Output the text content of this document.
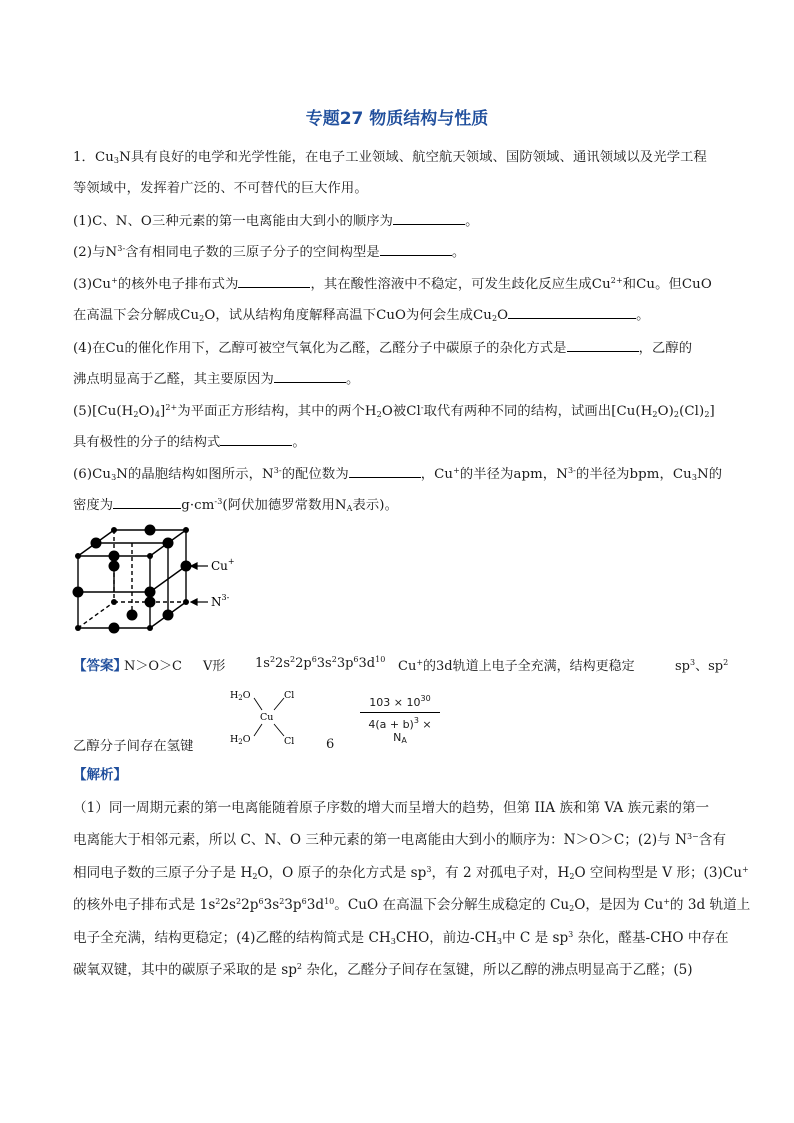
专题27 物质结构与性质
1．$Cu_3N$具有良好的电学和光学性能，在电子工业领域、航空航天领域、国防领域、通讯领域以及光学工程
等领域中，发挥着广泛的、不可替代的巨大作用。
(1)C、N、O三种元素的第一电离能由大到小的顺序为	。
(2)与$N^{3-}$含有相同电子数的三原子分子的空间构型是	。
(3)Cu+的核外电子排布式为	，其在酸性溶液中不稳定，可发生歧化反应生成$Cu^{2+}$和Cu。但CuO
在高温下会分解成$Cu_2O$，试从结构角度解释高温下CuO为何会生成$Cu_2O$	。
(4)在Cu的催化作用下，乙醇可被空气氧化为乙醛，乙醛分子中碳原子的杂化方式是	，乙醇的
沸点明显高于乙醛，其主要原因为	。
$(5)[Cu(H_2O)_4]^{2+}$为平面正方形结构，其中的两个$H_2O$被Cl-取代有两种不同的结构，试画出$[Cu(H_2O)_2(Cl)_2]$
具有极性的分子的结构式	。
$(6)Cu_3N$的晶胞结构如图所示，$N^{3-}$的配位数为	，Cu+的半径为apm，$N^{3-}$的半径为bpm，$Cu_3N$的
密度为	$g\cdot cm^{-3}$(阿伏加德罗常数用$N_A$表示)。
Cu+
$N^{3-}$
【答案】
N＞O＞C V形 $1s^22s^22p^63s^23p^63d^{10}$ Cu+的3d轨道上电子全充满，结构更稳定	$sp^3$、$sp^2$
$H_2O$	Cl
Cu
$H_2O$	Cl
乙醇分子间存在氢键	6
$103 \times 10^{30}$
$4(a + b)^3 \times N_A$
【解析】
（1）同一周期元素的第一电离能随着原子序数的增大而呈增大的趋势，但第 IIA 族和第 VA 族元素的第一
电离能大于相邻元素，所以 C、N、O 三种元素的第一电离能由大到小的顺序为：N＞O＞C；(2)与 $N^{3-}$含有
相同电子数的三原子分子是 $H_2O$，O 原子的杂化方式是 $sp^3$，有 2 对孤电子对，$H_2O$ 空间构型是 V 形；(3)Cu+
的核外电子排布式是 $1s^22s^22p^63s^23p^63d^{10}$。CuO 在高温下会分解生成稳定的 $Cu_2O$，是因为 Cu+的 3d 轨道上
电子全充满，结构更稳定；(4)乙醛的结构简式是 $CH_3CHO$，前边$-CH_3$中 C 是 $sp^3$ 杂化，醛基-CHO 中存在
碳氧双键，其中的碳原子采取的是 $sp^2$ 杂化，乙醛分子间存在氢键，所以乙醇的沸点明显高于乙醛；(5)
